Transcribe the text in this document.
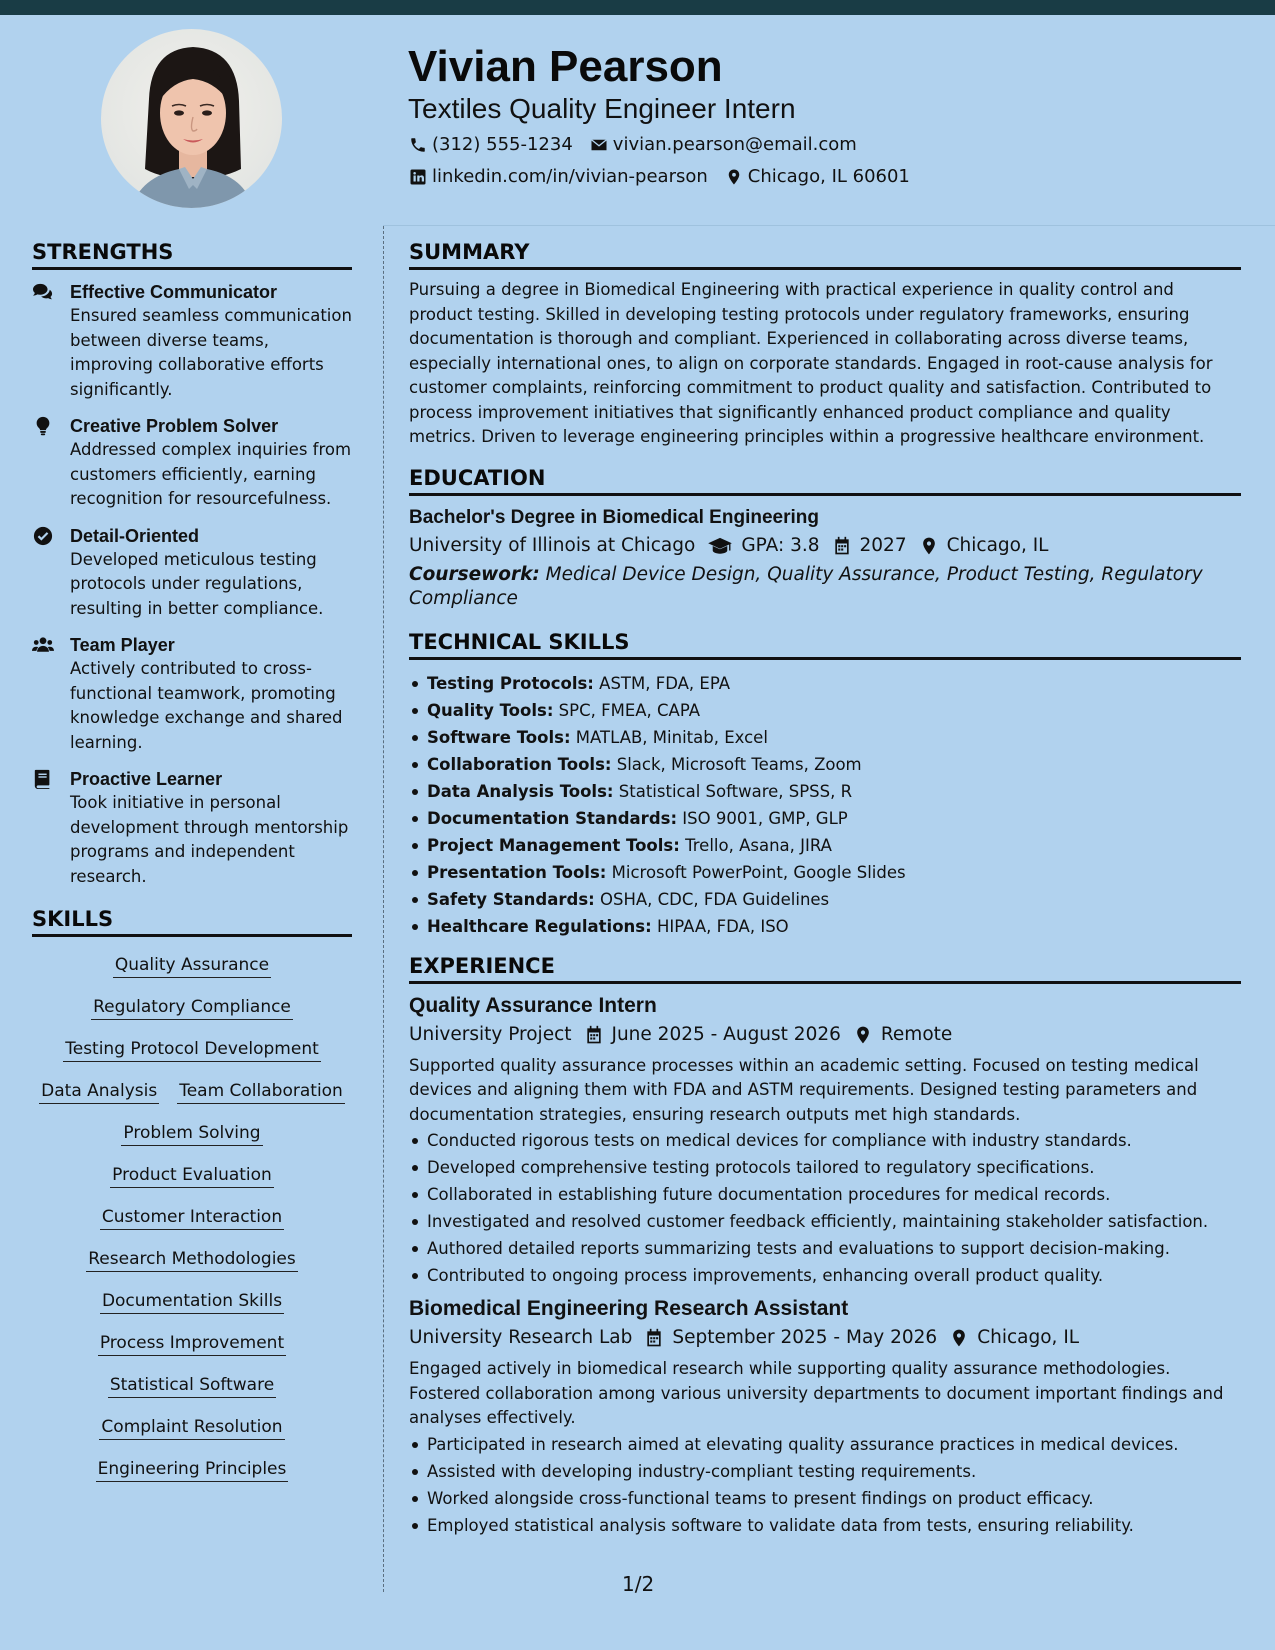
Vivian Pearson
Textiles Quality Engineer Intern
(312) 555-1234 vivian.pearson@email.com
linkedin.com/in/vivian-pearson Chicago, IL 60601
STRENGTHS
Effective Communicator
Ensured seamless communication between diverse teams, improving collaborative efforts significantly.
Creative Problem Solver
Addressed complex inquiries from customers efficiently, earning recognition for resourcefulness.
Detail-Oriented
Developed meticulous testing protocols under regulations, resulting in better compliance.
Team Player
Actively contributed to cross-functional teamwork, promoting knowledge exchange and shared learning.
Proactive Learner
Took initiative in personal development through mentorship programs and independent research.
SKILLS
Quality Assurance
Regulatory Compliance
Testing Protocol Development
Data Analysis Team Collaboration
Problem Solving
Product Evaluation
Customer Interaction
Research Methodologies
Documentation Skills
Process Improvement
Statistical Software
Complaint Resolution
Engineering Principles
SUMMARY
Pursuing a degree in Biomedical Engineering with practical experience in quality control and product testing. Skilled in developing testing protocols under regulatory frameworks, ensuring documentation is thorough and compliant. Experienced in collaborating across diverse teams, especially international ones, to align on corporate standards. Engaged in root-cause analysis for customer complaints, reinforcing commitment to product quality and satisfaction. Contributed to process improvement initiatives that significantly enhanced product compliance and quality metrics. Driven to leverage engineering principles within a progressive healthcare environment.
EDUCATION
Bachelor's Degree in Biomedical Engineering
University of Illinois at Chicago GPA: 3.8 2027 Chicago, IL
Coursework: Medical Device Design, Quality Assurance, Product Testing, Regulatory Compliance
TECHNICAL SKILLS
Testing Protocols: ASTM, FDA, EPA
Quality Tools: SPC, FMEA, CAPA
Software Tools: MATLAB, Minitab, Excel
Collaboration Tools: Slack, Microsoft Teams, Zoom
Data Analysis Tools: Statistical Software, SPSS, R
Documentation Standards: ISO 9001, GMP, GLP
Project Management Tools: Trello, Asana, JIRA
Presentation Tools: Microsoft PowerPoint, Google Slides
Safety Standards: OSHA, CDC, FDA Guidelines
Healthcare Regulations: HIPAA, FDA, ISO
EXPERIENCE
Quality Assurance Intern
University Project June 2025 - August 2026 Remote
Supported quality assurance processes within an academic setting. Focused on testing medical devices and aligning them with FDA and ASTM requirements. Designed testing parameters and documentation strategies, ensuring research outputs met high standards.
Conducted rigorous tests on medical devices for compliance with industry standards.
Developed comprehensive testing protocols tailored to regulatory specifications.
Collaborated in establishing future documentation procedures for medical records.
Investigated and resolved customer feedback efficiently, maintaining stakeholder satisfaction.
Authored detailed reports summarizing tests and evaluations to support decision-making.
Contributed to ongoing process improvements, enhancing overall product quality.
Biomedical Engineering Research Assistant
University Research Lab September 2025 - May 2026 Chicago, IL
Engaged actively in biomedical research while supporting quality assurance methodologies. Fostered collaboration among various university departments to document important findings and analyses effectively.
Participated in research aimed at elevating quality assurance practices in medical devices.
Assisted with developing industry-compliant testing requirements.
Worked alongside cross-functional teams to present findings on product efficacy.
Employed statistical analysis software to validate data from tests, ensuring reliability.
1/2
